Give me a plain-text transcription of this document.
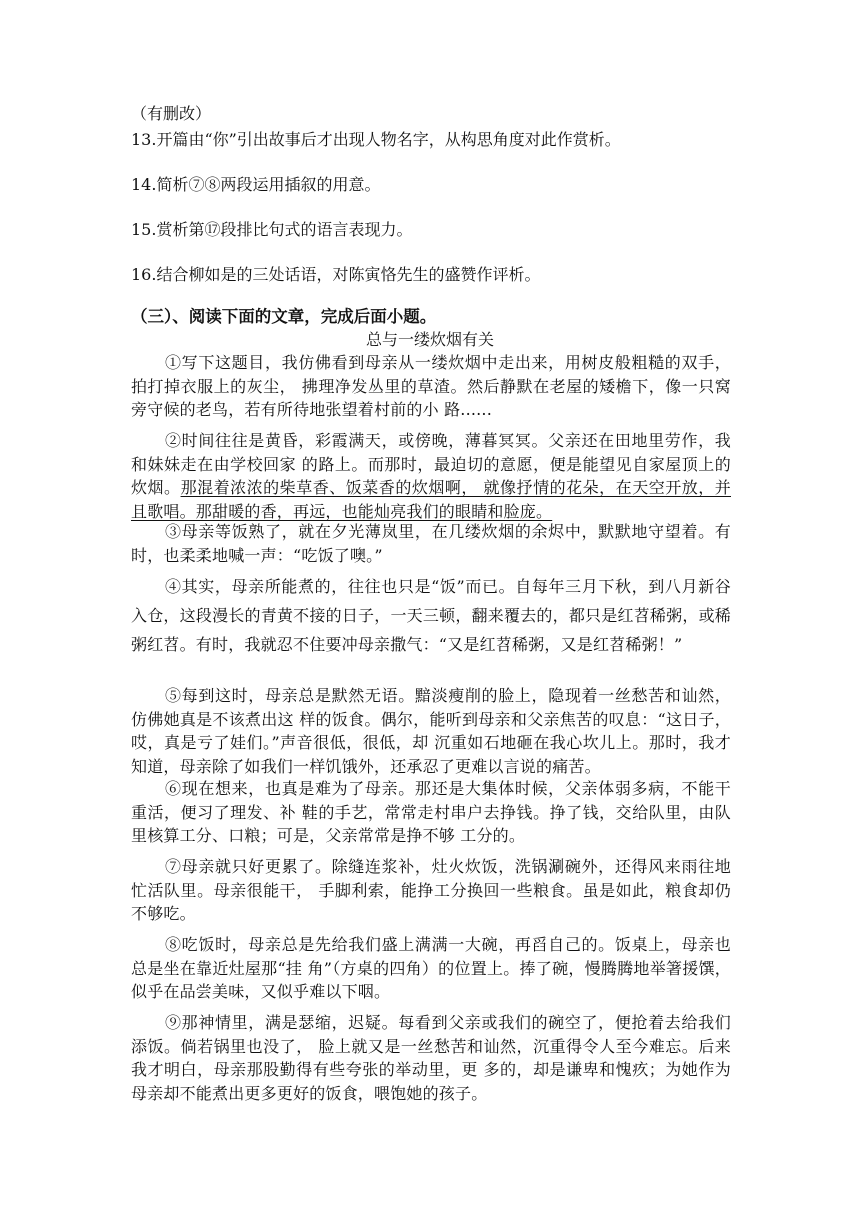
（有删改）
13.开篇由“你”引出故事后才出现人物名字，从构思角度对此作赏析。
14.简析⑦⑧两段运用插叙的用意。
15.赏析第⑰段排比句式的语言表现力。
16.结合柳如是的三处话语，对陈寅恪先生的盛赞作评析。
（三）、阅读下面的文章，完成后面小题。
总与一缕炊烟有关
①写下这题目，我仿佛看到母亲从一缕炊烟中走出来，用树皮般粗糙的双手，拍打掉衣服上的灰尘， 拂理净发丛里的草渣。然后静默在老屋的矮檐下，像一只窝旁守候的老鸟，若有所待地张望着村前的小 路......
②时间往往是黄昏，彩霞满天，或傍晚，薄暮冥冥。父亲还在田地里劳作，我和妹妹走在由学校回家 的路上。而那时，最迫切的意愿，便是能望见自家屋顶上的炊烟。那混着浓浓的柴草香、饭菜香的炊烟啊， 就像抒情的花朵，在天空开放，并且歌唱。那甜暖的香，再远，也能灿亮我们的眼睛和脸庞。
③母亲等饭熟了，就在夕光薄岚里，在几缕炊烟的余烬中，默默地守望着。有时，也柔柔地喊一声：“吃饭了噢。”
④其实，母亲所能煮的，往往也只是“饭”而已。自每年三月下秋，到八月新谷入仓，这段漫长的青黄不接的日子，一天三顿，翻来覆去的，都只是红苕稀粥，或稀粥红苕。有时，我就忍不住要冲母亲撒气：“又是红苕稀粥，又是红苕稀粥！”
⑤每到这时，母亲总是默然无语。黯淡瘦削的脸上，隐现着一丝愁苦和讪然，仿佛她真是不该煮出这 样的饭食。偶尔，能听到母亲和父亲焦苦的叹息：“这日子，哎，真是亏了娃们。”声音很低，很低，却 沉重如石地砸在我心坎儿上。那时，我才知道，母亲除了如我们一样饥饿外，还承忍了更难以言说的痛苦。
⑥现在想来，也真是难为了母亲。那还是大集体时候，父亲体弱多病，不能干重活，便习了理发、补 鞋的手艺，常常走村串户去挣钱。挣了钱，交给队里，由队里核算工分、口粮；可是，父亲常常是挣不够 工分的。
⑦母亲就只好更累了。除缝连浆补，灶火炊饭，洗锅涮碗外，还得风来雨往地忙活队里。母亲很能干， 手脚利索，能挣工分换回一些粮食。虽是如此，粮食却仍不够吃。
⑧吃饭时，母亲总是先给我们盛上满满一大碗，再舀自己的。饭桌上，母亲也总是坐在靠近灶屋那“挂 角”（方桌的四角）的位置上。捧了碗，慢腾腾地举箸援馔，似乎在品尝美味，又似乎难以下咽。
⑨那神情里，满是瑟缩，迟疑。每看到父亲或我们的碗空了，便抢着去给我们添饭。倘若锅里也没了， 脸上就又是一丝愁苦和讪然，沉重得令人至今难忘。后来我才明白，母亲那股勤得有些夸张的举动里，更 多的，却是谦卑和愧疚；为她作为母亲却不能煮出更多更好的饭食，喂饱她的孩子。
